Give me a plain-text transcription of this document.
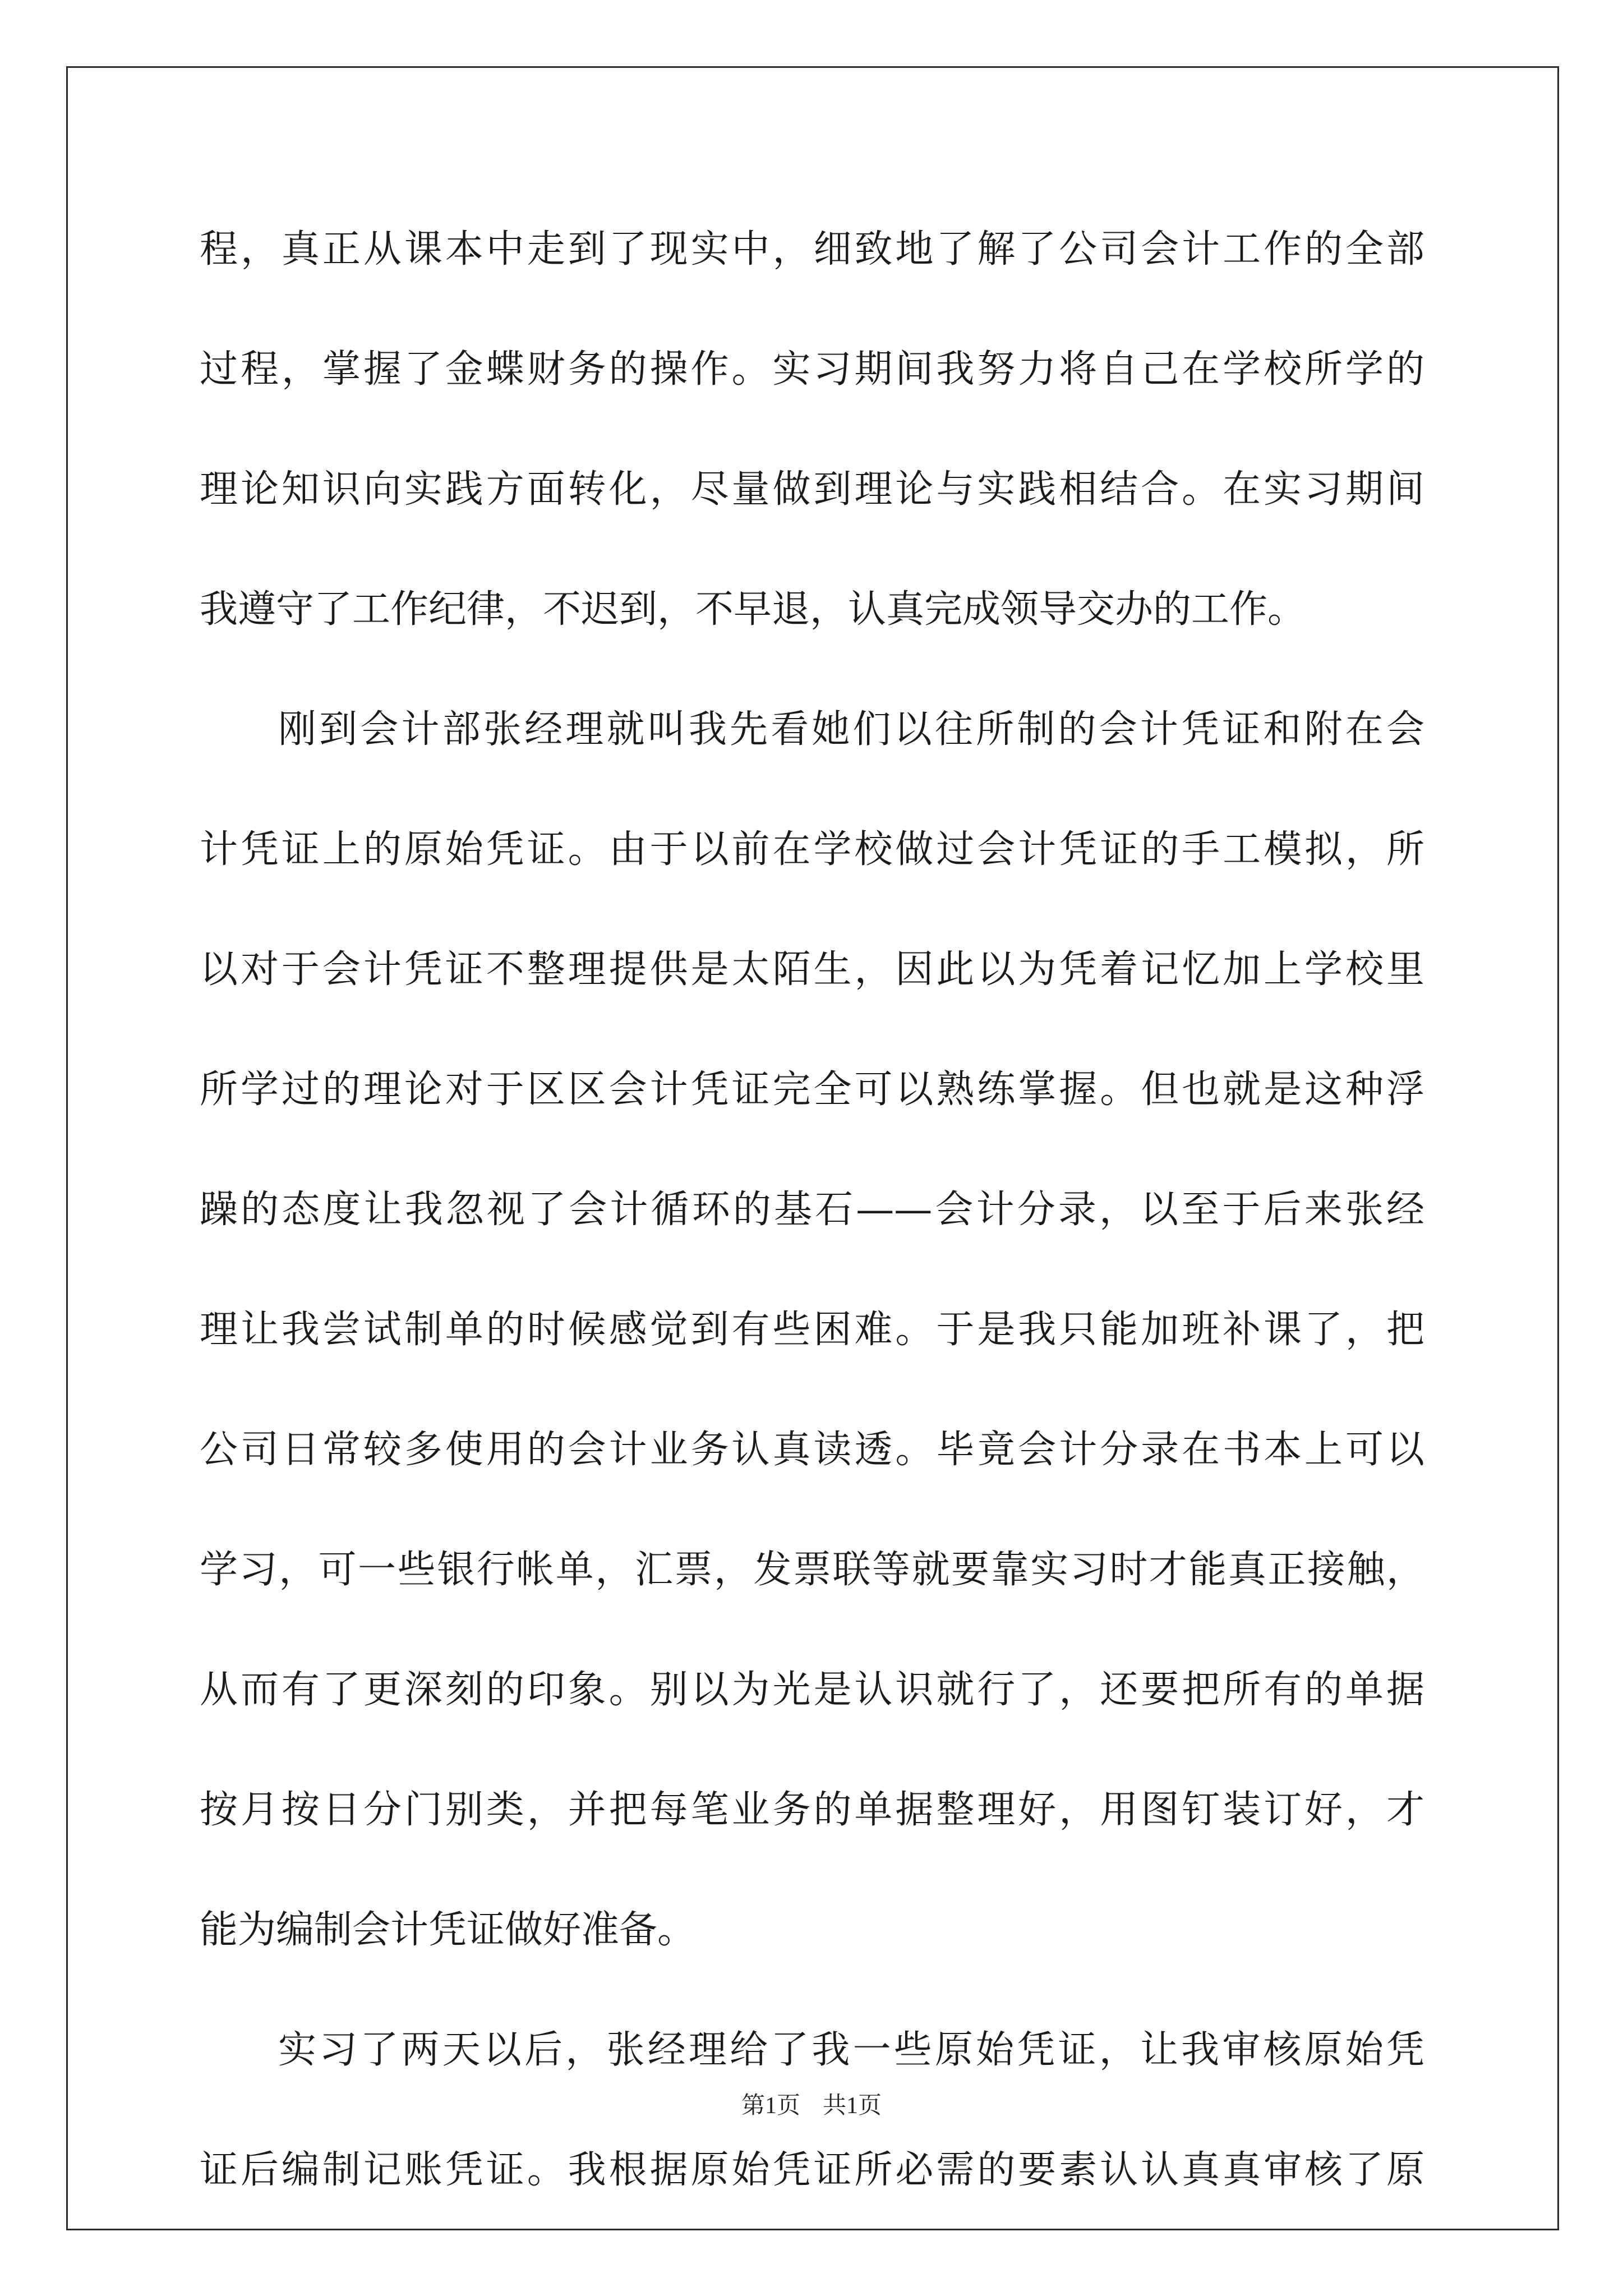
程，真正从课本中走到了现实中，细致地了解了公司会计工作的全部
过程，掌握了金蝶财务的操作。实习期间我努力将自己在学校所学的
理论知识向实践方面转化，尽量做到理论与实践相结合。在实习期间
我遵守了工作纪律，不迟到，不早退，认真完成领导交办的工作。
刚到会计部张经理就叫我先看她们以往所制的会计凭证和附在会
计凭证上的原始凭证。由于以前在学校做过会计凭证的手工模拟，所
以对于会计凭证不整理提供是太陌生，因此以为凭着记忆加上学校里
所学过的理论对于区区会计凭证完全可以熟练掌握。但也就是这种浮
躁的态度让我忽视了会计循环的基石——会计分录，以至于后来张经
理让我尝试制单的时候感觉到有些困难。于是我只能加班补课了，把
公司日常较多使用的会计业务认真读透。毕竟会计分录在书本上可以
学习，可一些银行帐单，汇票，发票联等就要靠实习时才能真正接触，
从而有了更深刻的印象。别以为光是认识就行了，还要把所有的单据
按月按日分门别类，并把每笔业务的单据整理好，用图钉装订好，才
能为编制会计凭证做好准备。
实习了两天以后，张经理给了我一些原始凭证，让我审核原始凭
证后编制记账凭证。我根据原始凭证所必需的要素认认真真审核了原
第1页 共1页
